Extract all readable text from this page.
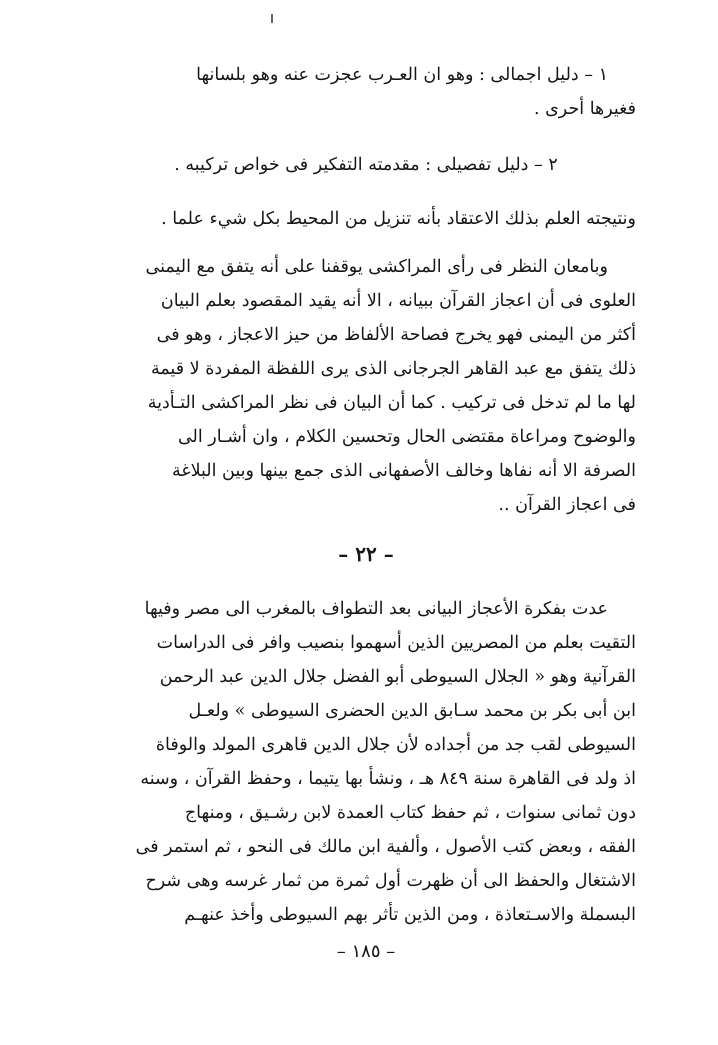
١ – دليل اجمالى : وهو ان العـرب عجزت عنه وهو بلسانها
فغيرها أحرى .
٢ – دليل تفصيلى : مقدمته التفكير فى خواص تركيبه .
ونتيجته العلم بذلك الاعتقاد بأنه تنزيل من المحيط بكل شيء علما .
وبامعان النظر فى رأى المراكشى يوقفنا على أنه يتفق مع اليمنى
العلوى فى أن اعجاز القرآن ببيانه ، الا أنه يقيد المقصود بعلم البيان
أكثر من اليمنى فهو يخرج فصاحة الألفاظ من حيز الاعجاز ، وهو فى
ذلك يتفق مع عبد القاهر الجرجانى الذى يرى اللفظة المفردة لا قيمة
لها ما لم تدخل فى تركيب . كما أن البيان فى نظر المراكشى التـأدية
والوضوح ومراعاة مقتضى الحال وتحسين الكلام ، وان أشـار الى
الصرفة الا أنه نفاها وخالف الأصفهانى الذى جمع بينها وبين البلاغة
فى اعجاز القرآن ..
– ٢٢ –
عدت بفكرة الأعجاز البيانى بعد التطواف بالمغرب الى مصر وفيها
التقيت بعلم من المصريين الذين أسهموا بنصيب وافر فى الدراسات
القرآنية وهو « الجلال السيوطى أبو الفضل جلال الدين عبد الرحمن
ابن أبى بكر بن محمد سـابق الدين الحضرى السيوطى » ولعـل
السيوطى لقب جد من أجداده لأن جلال الدين قاهرى المولد والوفاة
اذ ولد فى القاهرة سنة ٨٤٩ هـ ، ونشأ بها يتيما ، وحفظ القرآن ، وسنه
دون ثمانى سنوات ، ثم حفظ كتاب العمدة لابن رشـيق ، ومنهاج
الفقه ، وبعض كتب الأصول ، وألفية ابن مالك فى النحو ، ثم استمر فى
الاشتغال والحفظ الى أن ظهرت أول ثمرة من ثمار غرسه وهى شرح
البسملة والاسـتعاذة ، ومن الذين تأثر بهم السيوطى وأخذ عنهـم
– ١٨٥ –
